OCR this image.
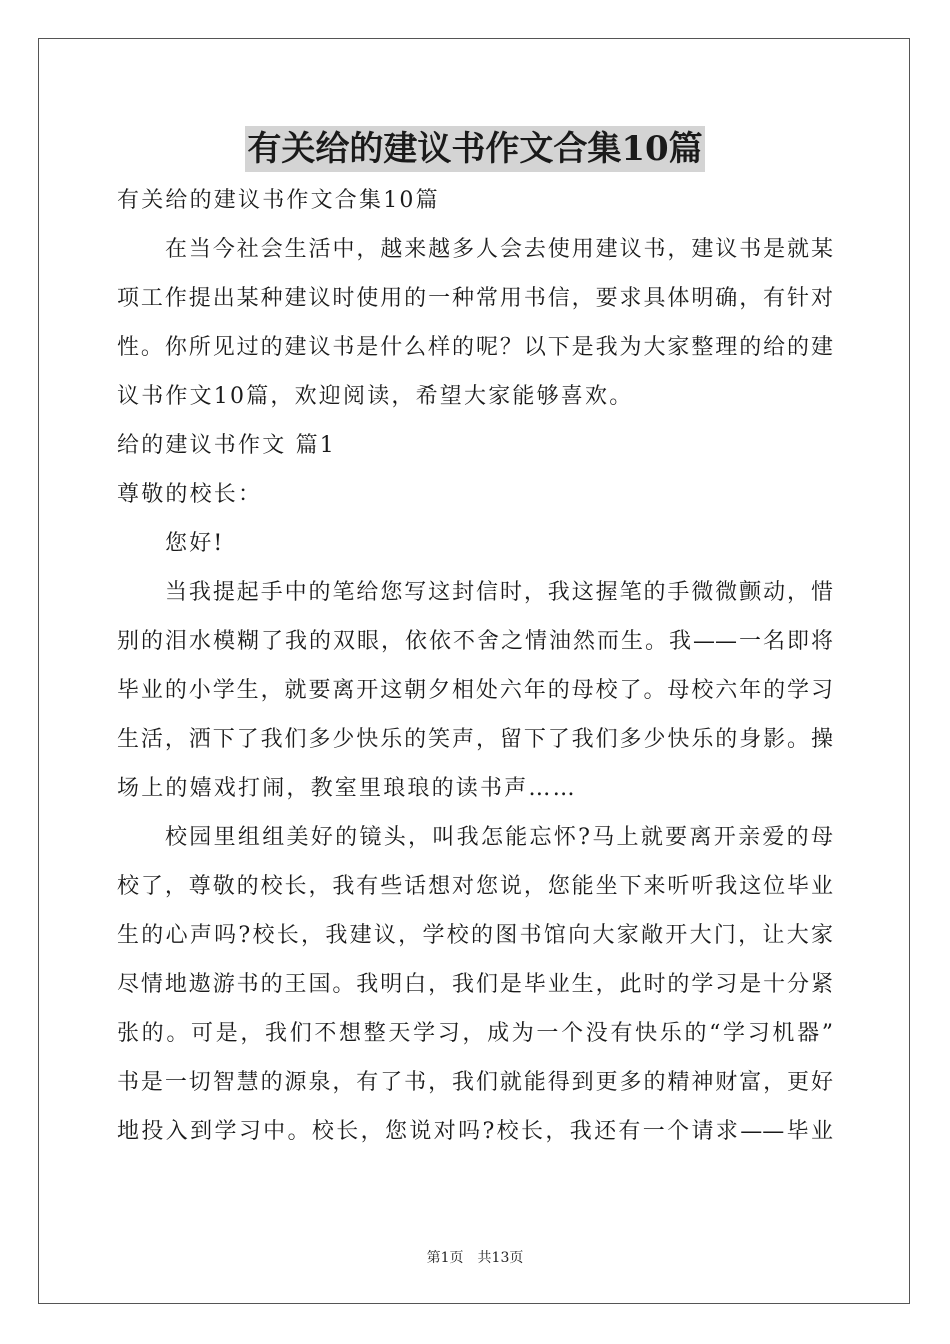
有关给的建议书作文合集10篇
有关给的建议书作文合集10篇
在当今社会生活中，越来越多人会去使用建议书，建议书是就某
项工作提出某种建议时使用的一种常用书信，要求具体明确，有针对
性。你所见过的建议书是什么样的呢？以下是我为大家整理的给的建
议书作文10篇，欢迎阅读，希望大家能够喜欢。
给的建议书作文 篇1
尊敬的校长：
您好!
当我提起手中的笔给您写这封信时，我这握笔的手微微颤动，惜
别的泪水模糊了我的双眼，依依不舍之情油然而生。我——一名即将
毕业的小学生，就要离开这朝夕相处六年的母校了。母校六年的学习
生活，洒下了我们多少快乐的笑声，留下了我们多少快乐的身影。操
场上的嬉戏打闹，教室里琅琅的读书声……
校园里组组美好的镜头，叫我怎能忘怀?马上就要离开亲爱的母
校了，尊敬的校长，我有些话想对您说，您能坐下来听听我这位毕业
生的心声吗?校长，我建议，学校的图书馆向大家敞开大门，让大家
尽情地遨游书的王国。我明白，我们是毕业生，此时的学习是十分紧
张的。可是，我们不想整天学习，成为一个没有快乐的“学习机器”
书是一切智慧的源泉，有了书，我们就能得到更多的精神财富，更好
地投入到学习中。校长，您说对吗?校长，我还有一个请求——毕业
第1页 共13页
